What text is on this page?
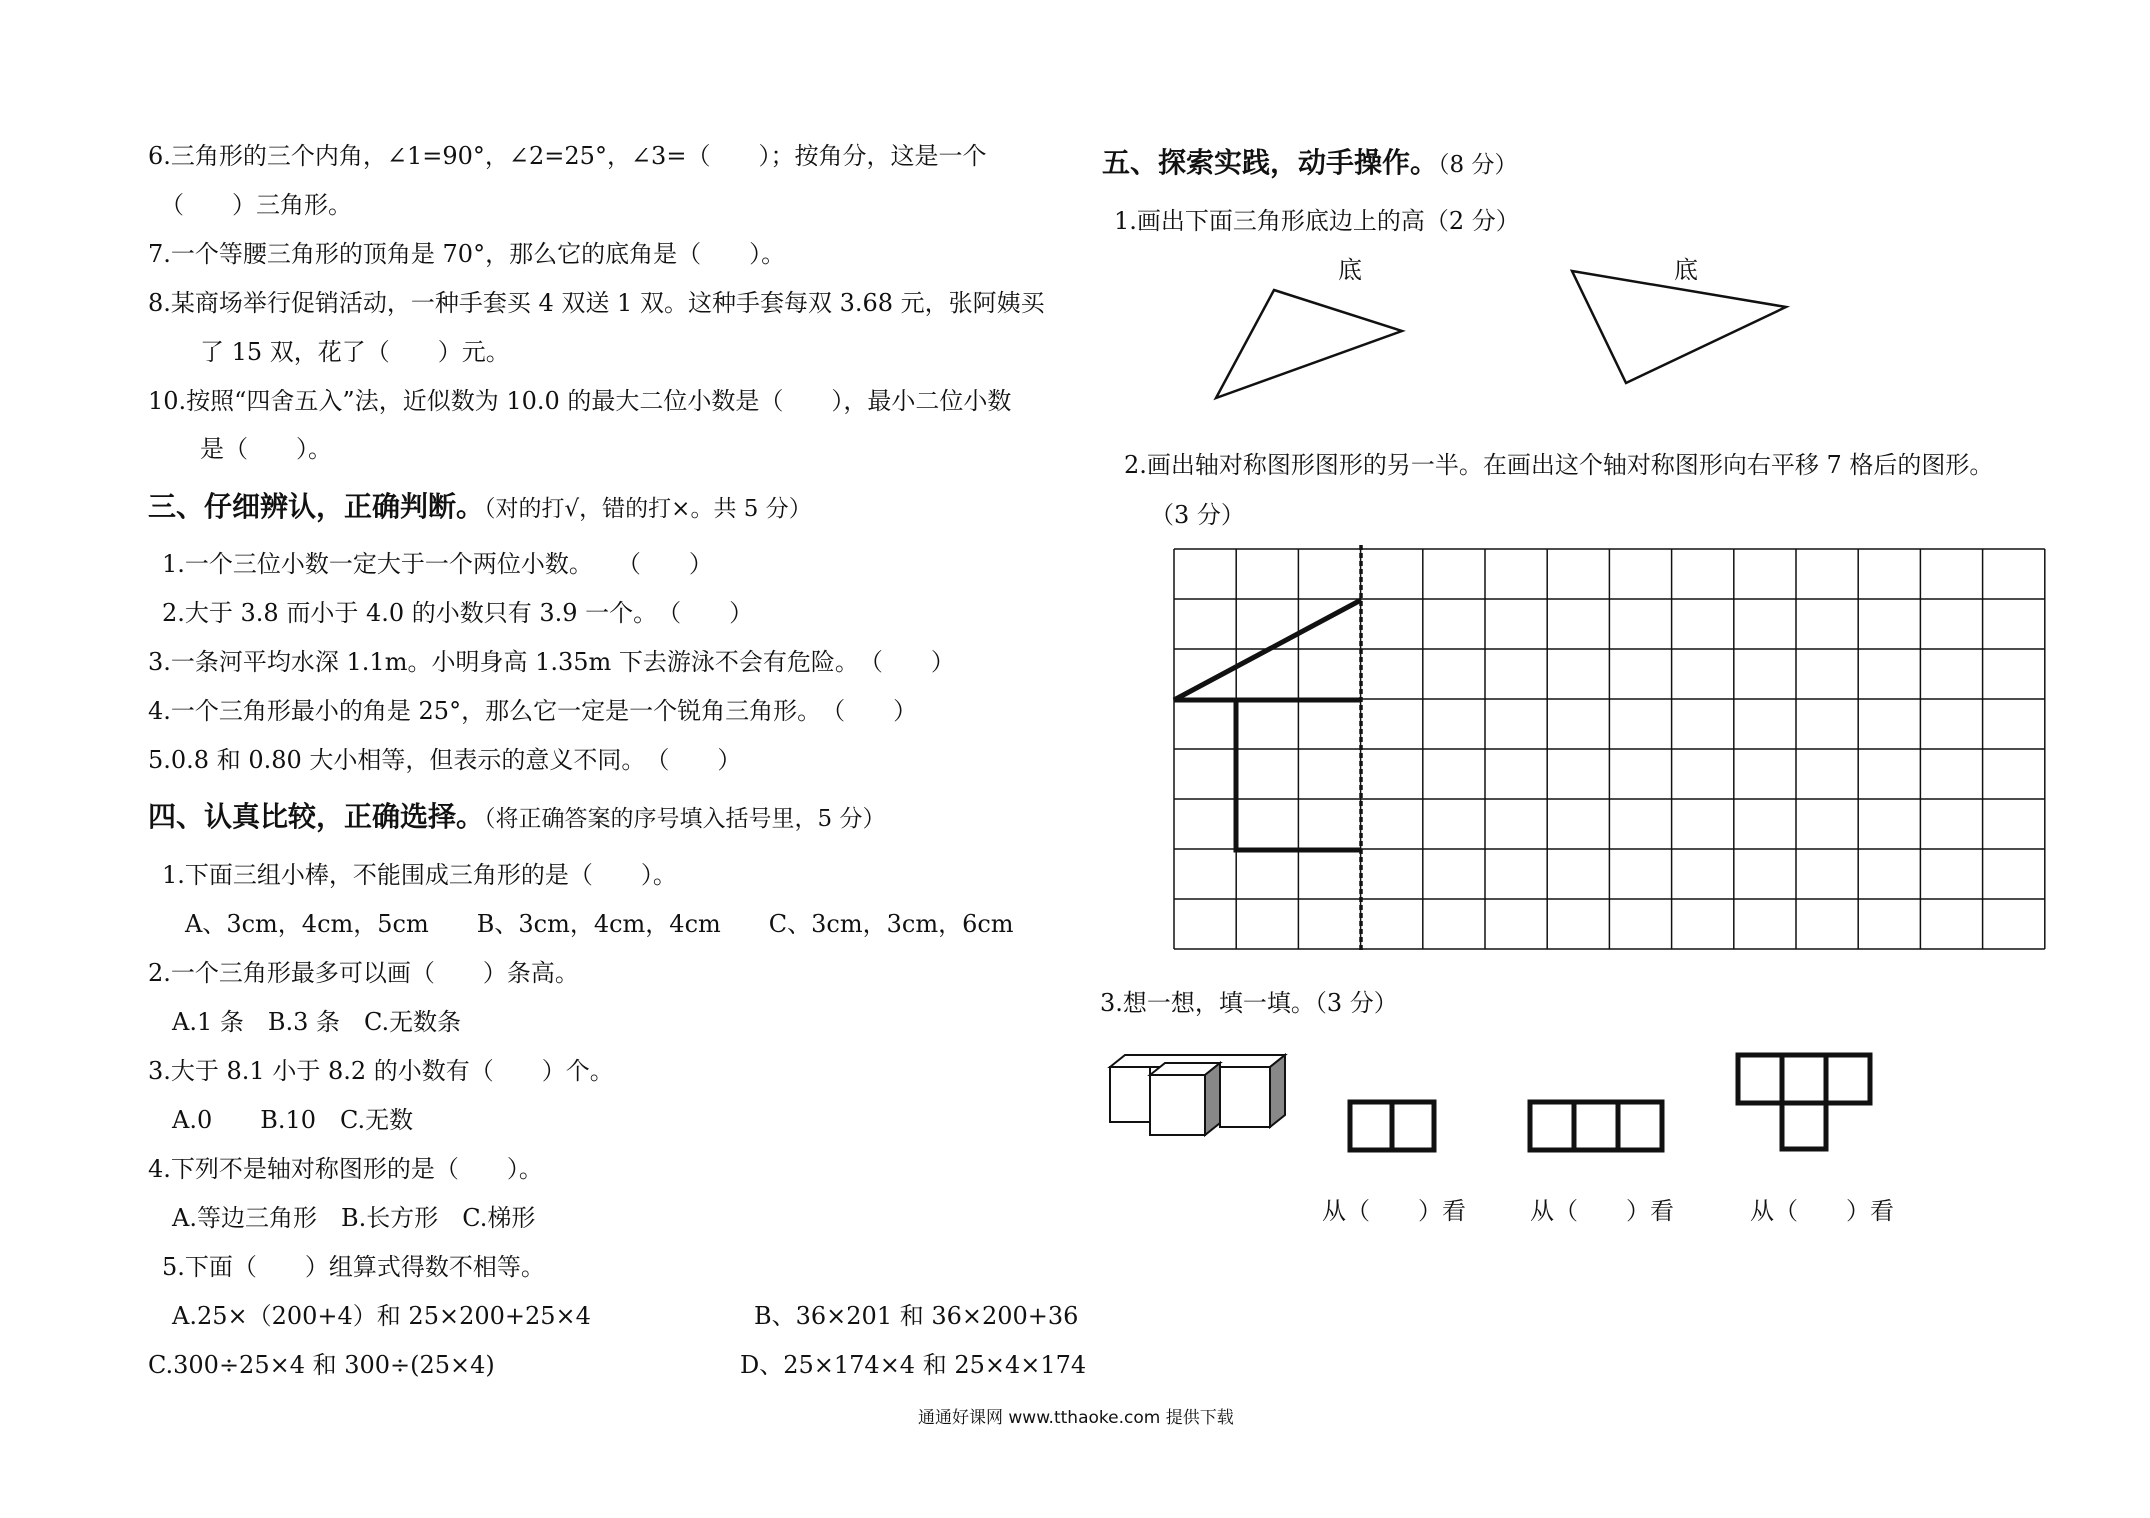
6.三角形的三个内角，∠1=90°，∠2=25°，∠3=（　　）；按角分，这是一个
（　　）三角形。
7.一个等腰三角形的顶角是 70°，那么它的底角是（　　）。
8.某商场举行促销活动，一种手套买 4 双送 1 双。这种手套每双 3.68 元，张阿姨买
了 15 双，花了（　　）元。
10.按照“四舍五入”法，近似数为 10.0 的最大二位小数是（　　），最小二位小数
是（　　）。
三、仔细辨认，正确判断。（对的打√，错的打×。共 5 分）
1.一个三位小数一定大于一个两位小数。　　（　　）
2.大于 3.8 而小于 4.0 的小数只有 3.9 一个。　（　　）
3.一条河平均水深 1.1m。小明身高 1.35m 下去游泳不会有危险。　（　　）
4.一个三角形最小的角是 25°，那么它一定是一个锐角三角形。　（　　）
5.0.8 和 0.80 大小相等，但表示的意义不同。　（　　）
四、认真比较，正确选择。（将正确答案的序号填入括号里，5 分）
1.下面三组小棒，不能围成三角形的是（　　）。
A、3cm，4cm，5cm　　B、3cm，4cm，4cm　　C、3cm，3cm，6cm
2.一个三角形最多可以画（　　）条高。
A.1 条　B.3 条　C.无数条
3.大于 8.1 小于 8.2 的小数有（　　）个。
A.0　　B.10　C.无数
4.下列不是轴对称图形的是（　　）。
A.等边三角形　B.长方形　C.梯形
5.下面（　　）组算式得数不相等。
A.25×（200+4）和 25×200+25×4	B、36×201 和 36×200+36
C.300÷25×4 和 300÷(25×4)	D、25×174×4 和 25×4×174
五、探索实践，动手操作。（8 分）
1.画出下面三角形底边上的高（2 分）
底	底
2.画出轴对称图形图形的另一半。在画出这个轴对称图形向右平移 7 格后的图形。
（3 分）
3.想一想，填一填。（3 分）
从（　　）看	从（　　）看	从（　　）看
通通好课网 www.tthaoke.com 提供下载
